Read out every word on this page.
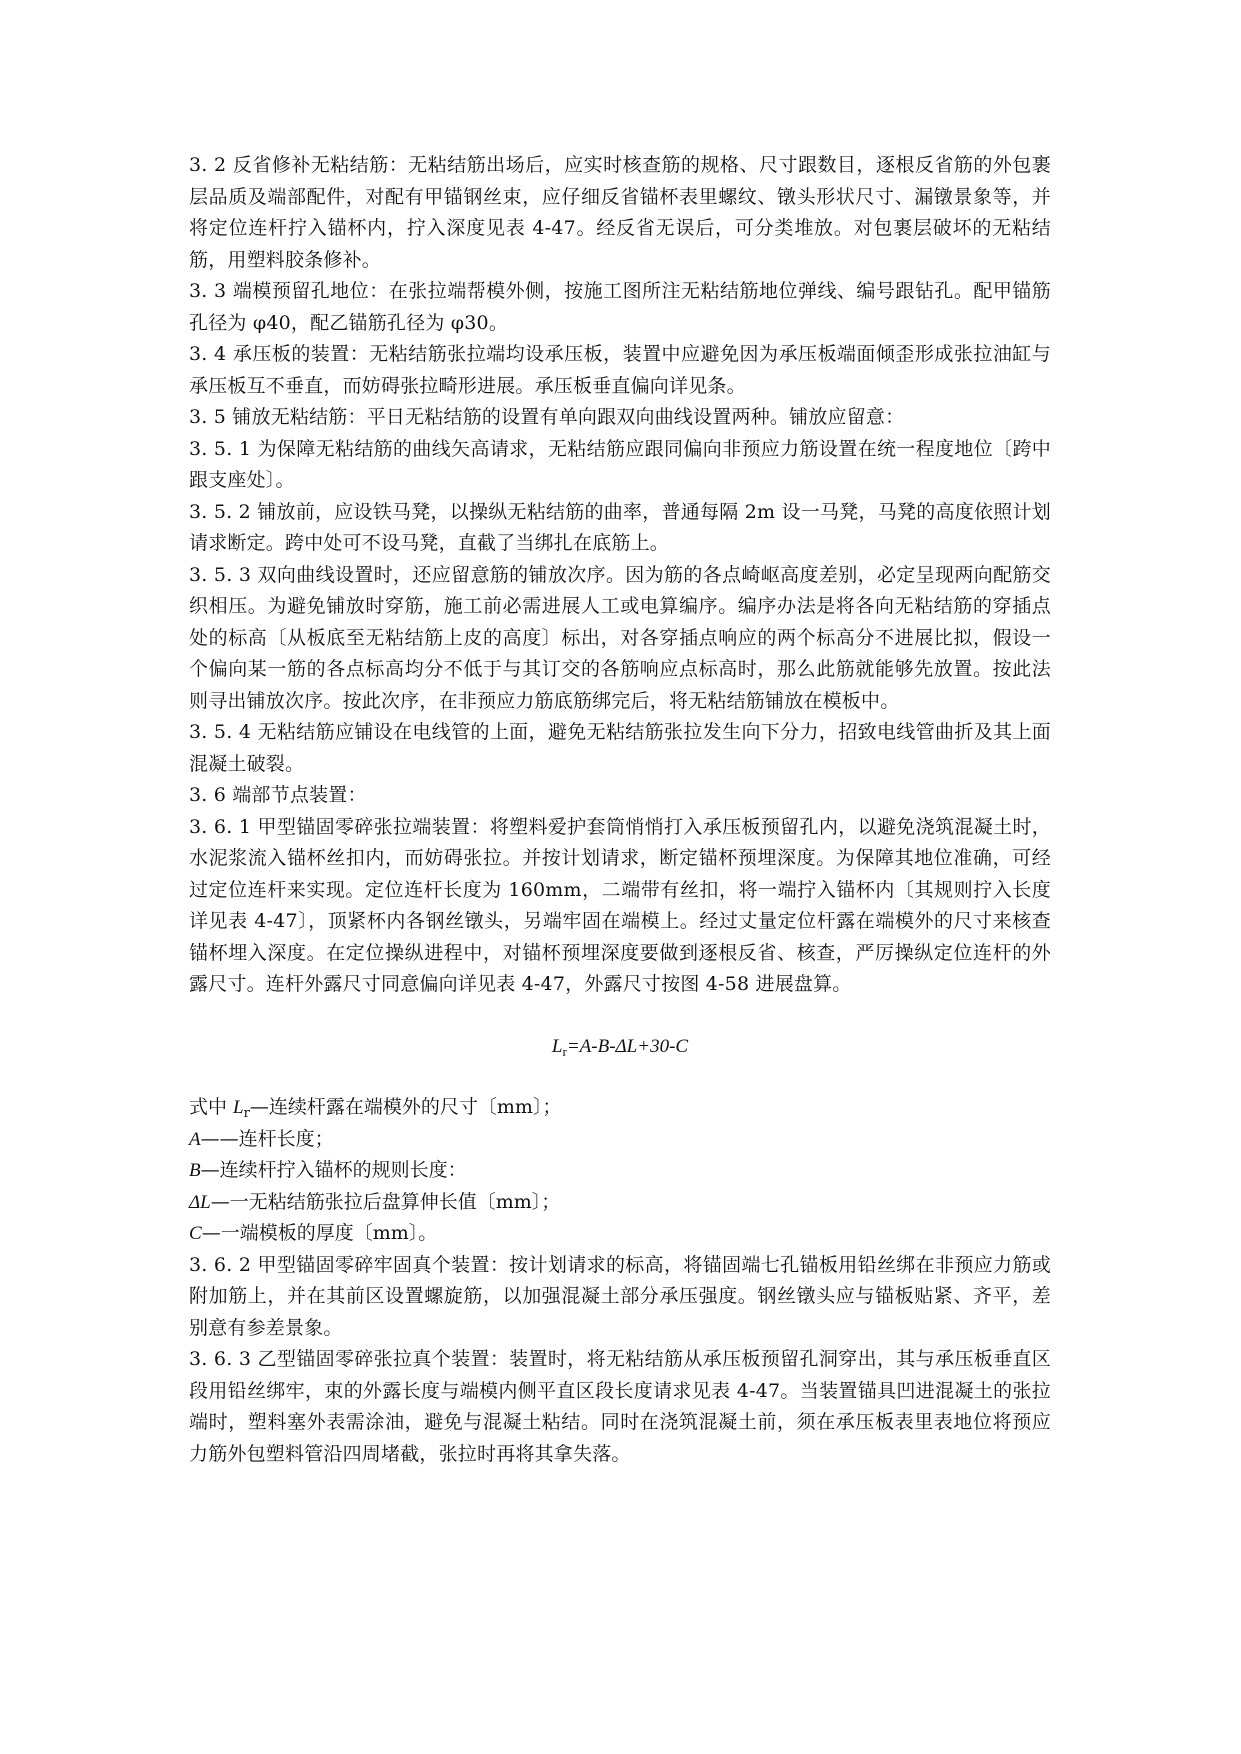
3. 2 反省修补无粘结筋：无粘结筋出场后，应实时核查筋的规格、尺寸跟数目，逐根反省筋的外包裹层品质及端部配件，对配有甲锚钢丝束，应仔细反省锚杯表里螺纹、镦头形状尺寸、漏镦景象等，并将定位连杆拧入锚杯内，拧入深度见表 4-47。经反省无误后，可分类堆放。对包裹层破坏的无粘结筋，用塑料胶条修补。

3. 3 端模预留孔地位：在张拉端帮模外侧，按施工图所注无粘结筋地位弹线、编号跟钻孔。配甲锚筋孔径为 φ40，配乙锚筋孔径为 φ30。

3. 4 承压板的装置：无粘结筋张拉端均设承压板，装置中应避免因为承压板端面倾歪形成张拉油缸与承压板互不垂直，而妨碍张拉畸形进展。承压板垂直偏向详见条。

3. 5 铺放无粘结筋：平日无粘结筋的设置有单向跟双向曲线设置两种。铺放应留意：

3. 5. 1 为保障无粘结筋的曲线矢高请求，无粘结筋应跟同偏向非预应力筋设置在统一程度地位〔跨中跟支座处〕。

3. 5. 2 铺放前，应设铁马凳，以操纵无粘结筋的曲率，普通每隔 2m 设一马凳，马凳的高度依照计划请求断定。跨中处可不设马凳，直截了当绑扎在底筋上。

3. 5. 3 双向曲线设置时，还应留意筋的铺放次序。因为筋的各点崎岖高度差别，必定呈现两向配筋交织相压。为避免铺放时穿筋，施工前必需进展人工或电算编序。编序办法是将各向无粘结筋的穿插点处的标高〔从板底至无粘结筋上皮的高度〕标出，对各穿插点响应的两个标高分不进展比拟，假设一个偏向某一筋的各点标高均分不低于与其订交的各筋响应点标高时，那么此筋就能够先放置。按此法则寻出铺放次序。按此次序，在非预应力筋底筋绑完后，将无粘结筋铺放在模板中。

3. 5. 4 无粘结筋应铺设在电线管的上面，避免无粘结筋张拉发生向下分力，招致电线管曲折及其上面混凝土破裂。

3. 6 端部节点装置：

3. 6. 1 甲型锚固零碎张拉端装置：将塑料爱护套筒悄悄打入承压板预留孔内，以避免浇筑混凝土时，水泥浆流入锚杯丝扣内，而妨碍张拉。并按计划请求，断定锚杯预埋深度。为保障其地位准确，可经过定位连杆来实现。定位连杆长度为 160mm，二端带有丝扣，将一端拧入锚杯内〔其规则拧入长度详见表 4-47〕，顶紧杯内各钢丝镦头，另端牢固在端模上。经过丈量定位杆露在端模外的尺寸来核查锚杯埋入深度。在定位操纵进程中，对锚杯预埋深度要做到逐根反省、核查，严厉操纵定位连杆的外露尺寸。连杆外露尺寸同意偏向详见表 4-47，外露尺寸按图 4-58 进展盘算。

$L_r=A-B-\Delta L+30-C$

式中 $L_r—$连续杆露在端模外的尺寸〔mm〕；

A——连杆长度；

B—连续杆拧入锚杯的规则长度：

ΔL—一无粘结筋张拉后盘算伸长值〔mm〕；

C—一端模板的厚度〔mm〕。

3. 6. 2 甲型锚固零碎牢固真个装置：按计划请求的标高，将锚固端七孔锚板用铅丝绑在非预应力筋或附加筋上，并在其前区设置螺旋筋，以加强混凝土部分承压强度。钢丝镦头应与锚板贴紧、齐平，差别意有参差景象。

3. 6. 3 乙型锚固零碎张拉真个装置：装置时，将无粘结筋从承压板预留孔洞穿出，其与承压板垂直区段用铅丝绑牢，束的外露长度与端模内侧平直区段长度请求见表 4-47。当装置锚具凹进混凝土的张拉端时，塑料塞外表需涂油，避免与混凝土粘结。同时在浇筑混凝土前，须在承压板表里表地位将预应力筋外包塑料管沿四周堵截，张拉时再将其拿失落。
